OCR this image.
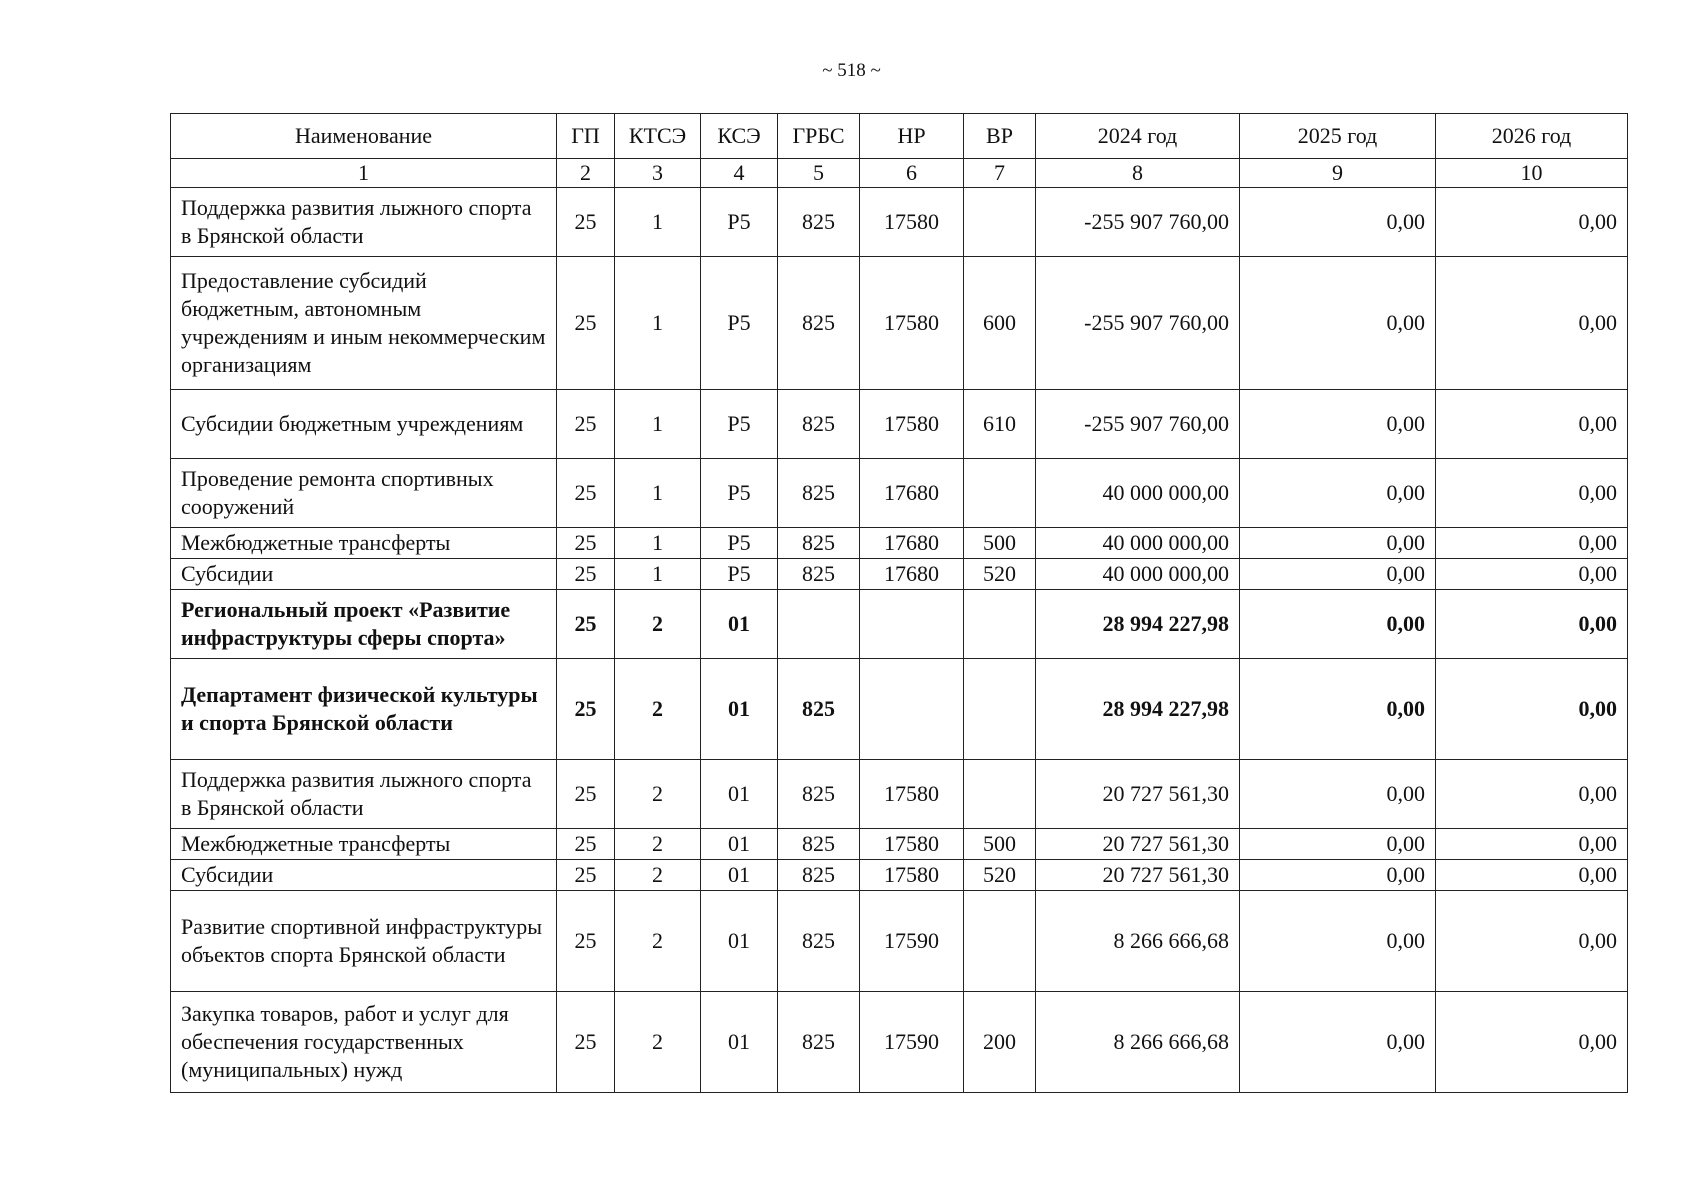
~ 518 ~
Наименование	ГП	КТСЭ	КСЭ	ГРБС	НР	ВР	2024 год	2025 год	2026 год
1	2	3	4	5	6	7	8	9	10
Поддержка развития лыжного спорта в Брянской области	25	1	Р5	825	17580		-255 907 760,00	0,00	0,00
Предоставление субсидий бюджетным, автономным учреждениям и иным некоммерческим организациям	25	1	Р5	825	17580	600	-255 907 760,00	0,00	0,00
Субсидии бюджетным учреждениям	25	1	Р5	825	17580	610	-255 907 760,00	0,00	0,00
Проведение ремонта спортивных сооружений	25	1	Р5	825	17680		40 000 000,00	0,00	0,00
Межбюджетные трансферты	25	1	Р5	825	17680	500	40 000 000,00	0,00	0,00
Субсидии	25	1	Р5	825	17680	520	40 000 000,00	0,00	0,00
Региональный проект «Развитие инфраструктуры сферы спорта»	25	2	01				28 994 227,98	0,00	0,00
Департамент физической культуры и спорта Брянской области	25	2	01	825			28 994 227,98	0,00	0,00
Поддержка развития лыжного спорта в Брянской области	25	2	01	825	17580		20 727 561,30	0,00	0,00
Межбюджетные трансферты	25	2	01	825	17580	500	20 727 561,30	0,00	0,00
Субсидии	25	2	01	825	17580	520	20 727 561,30	0,00	0,00
Развитие спортивной инфраструктуры объектов спорта Брянской области	25	2	01	825	17590		8 266 666,68	0,00	0,00
Закупка товаров, работ и услуг для обеспечения государственных (муниципальных) нужд	25	2	01	825	17590	200	8 266 666,68	0,00	0,00
